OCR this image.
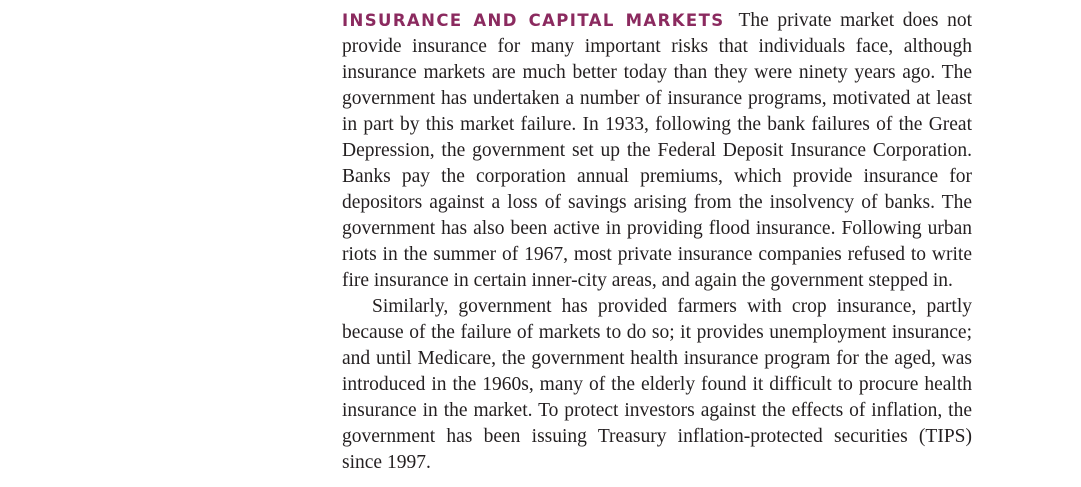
INSURANCE AND CAPITAL MARKETS The private market does not provide insurance for many important risks that individuals face, although insurance markets are much better today than they were ninety years ago. The government has undertaken a number of insurance programs, motivated at least in part by this market failure. In 1933, following the bank failures of the Great Depression, the government set up the Federal Deposit Insurance Corporation. Banks pay the corporation annual premiums, which provide insurance for depositors against a loss of savings arising from the insolvency of banks. The government has also been active in providing flood insurance. Following urban riots in the summer of 1967, most private insurance companies refused to write fire insurance in certain inner-city areas, and again the government stepped in.

Similarly, government has provided farmers with crop insurance, partly because of the failure of markets to do so; it provides unemployment insurance; and until Medicare, the government health insurance program for the aged, was introduced in the 1960s, many of the elderly found it difficult to procure health insurance in the market. To protect investors against the effects of inflation, the government has been issuing Treasury inflation-protected securities (TIPS) since 1997.
